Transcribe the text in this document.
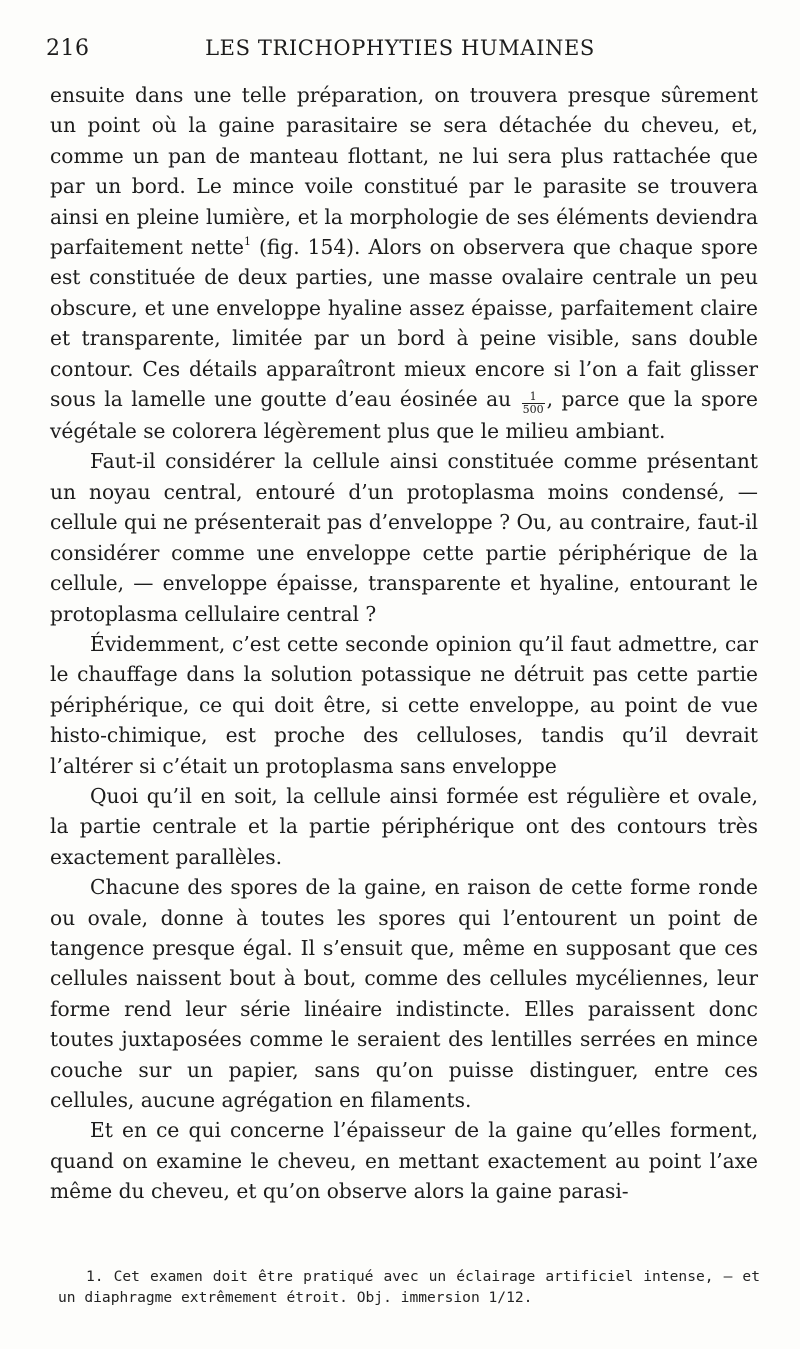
216	LES TRICHOPHYTIES HUMAINES

ensuite dans une telle préparation, on trouvera presque sûrement un point où la gaine parasitaire se sera détachée du cheveu, et, comme un pan de manteau flottant, ne lui sera plus rattachée que par un bord. Le mince voile constitué par le parasite se trouvera ainsi en pleine lumière, et la morphologie de ses éléments deviendra parfaitement nette$^1$ (fig. 154). Alors on observera que chaque spore est constituée de deux parties, une masse ovalaire centrale un peu obscure, et une enveloppe hyaline assez épaisse, parfaitement claire et transparente, limitée par un bord à peine visible, sans double contour. Ces détails apparaîtront mieux encore si l’on a fait glisser sous la lamelle une goutte d’eau éosinée au $\frac{1}{500}$ , parce que la spore végétale se colorera légèrement plus que le milieu ambiant.

Faut-il considérer la cellule ainsi constituée comme présentant un noyau central, entouré d’un protoplasma moins condensé, — cellule qui ne présenterait pas d’enveloppe ? Ou, au contraire, faut-il considérer comme une enveloppe cette partie périphérique de la cellule, — enveloppe épaisse, transparente et hyaline, entourant le protoplasma cellulaire central ?

Évidemment, c’est cette seconde opinion qu’il faut admettre, car le chauffage dans la solution potassique ne détruit pas cette partie périphérique, ce qui doit être, si cette enveloppe, au point de vue histo-chimique, est proche des celluloses, tandis qu’il devrait l’altérer si c’était un protoplasma sans enveloppe

Quoi qu’il en soit, la cellule ainsi formée est régulière et ovale, la partie centrale et la partie périphérique ont des contours très exactement parallèles.

Chacune des spores de la gaine, en raison de cette forme ronde ou ovale, donne à toutes les spores qui l’entourent un point de tangence presque égal. Il s’ensuit que, même en supposant que ces cellules naissent bout à bout, comme des cellules mycéliennes, leur forme rend leur série linéaire indistincte. Elles paraissent donc toutes juxtaposées comme le seraient des lentilles serrées en mince couche sur un papier, sans qu’on puisse distinguer, entre ces cellules, aucune agrégation en filaments.

Et en ce qui concerne l’épaisseur de la gaine qu’elles forment, quand on examine le cheveu, en mettant exactement au point l’axe même du cheveu, et qu’on observe alors la gaine parasi-

1. Cet examen doit être pratiqué avec un éclairage artificiel intense, — et un diaphragme extrêmement étroit. Obj. immersion 1/12.
